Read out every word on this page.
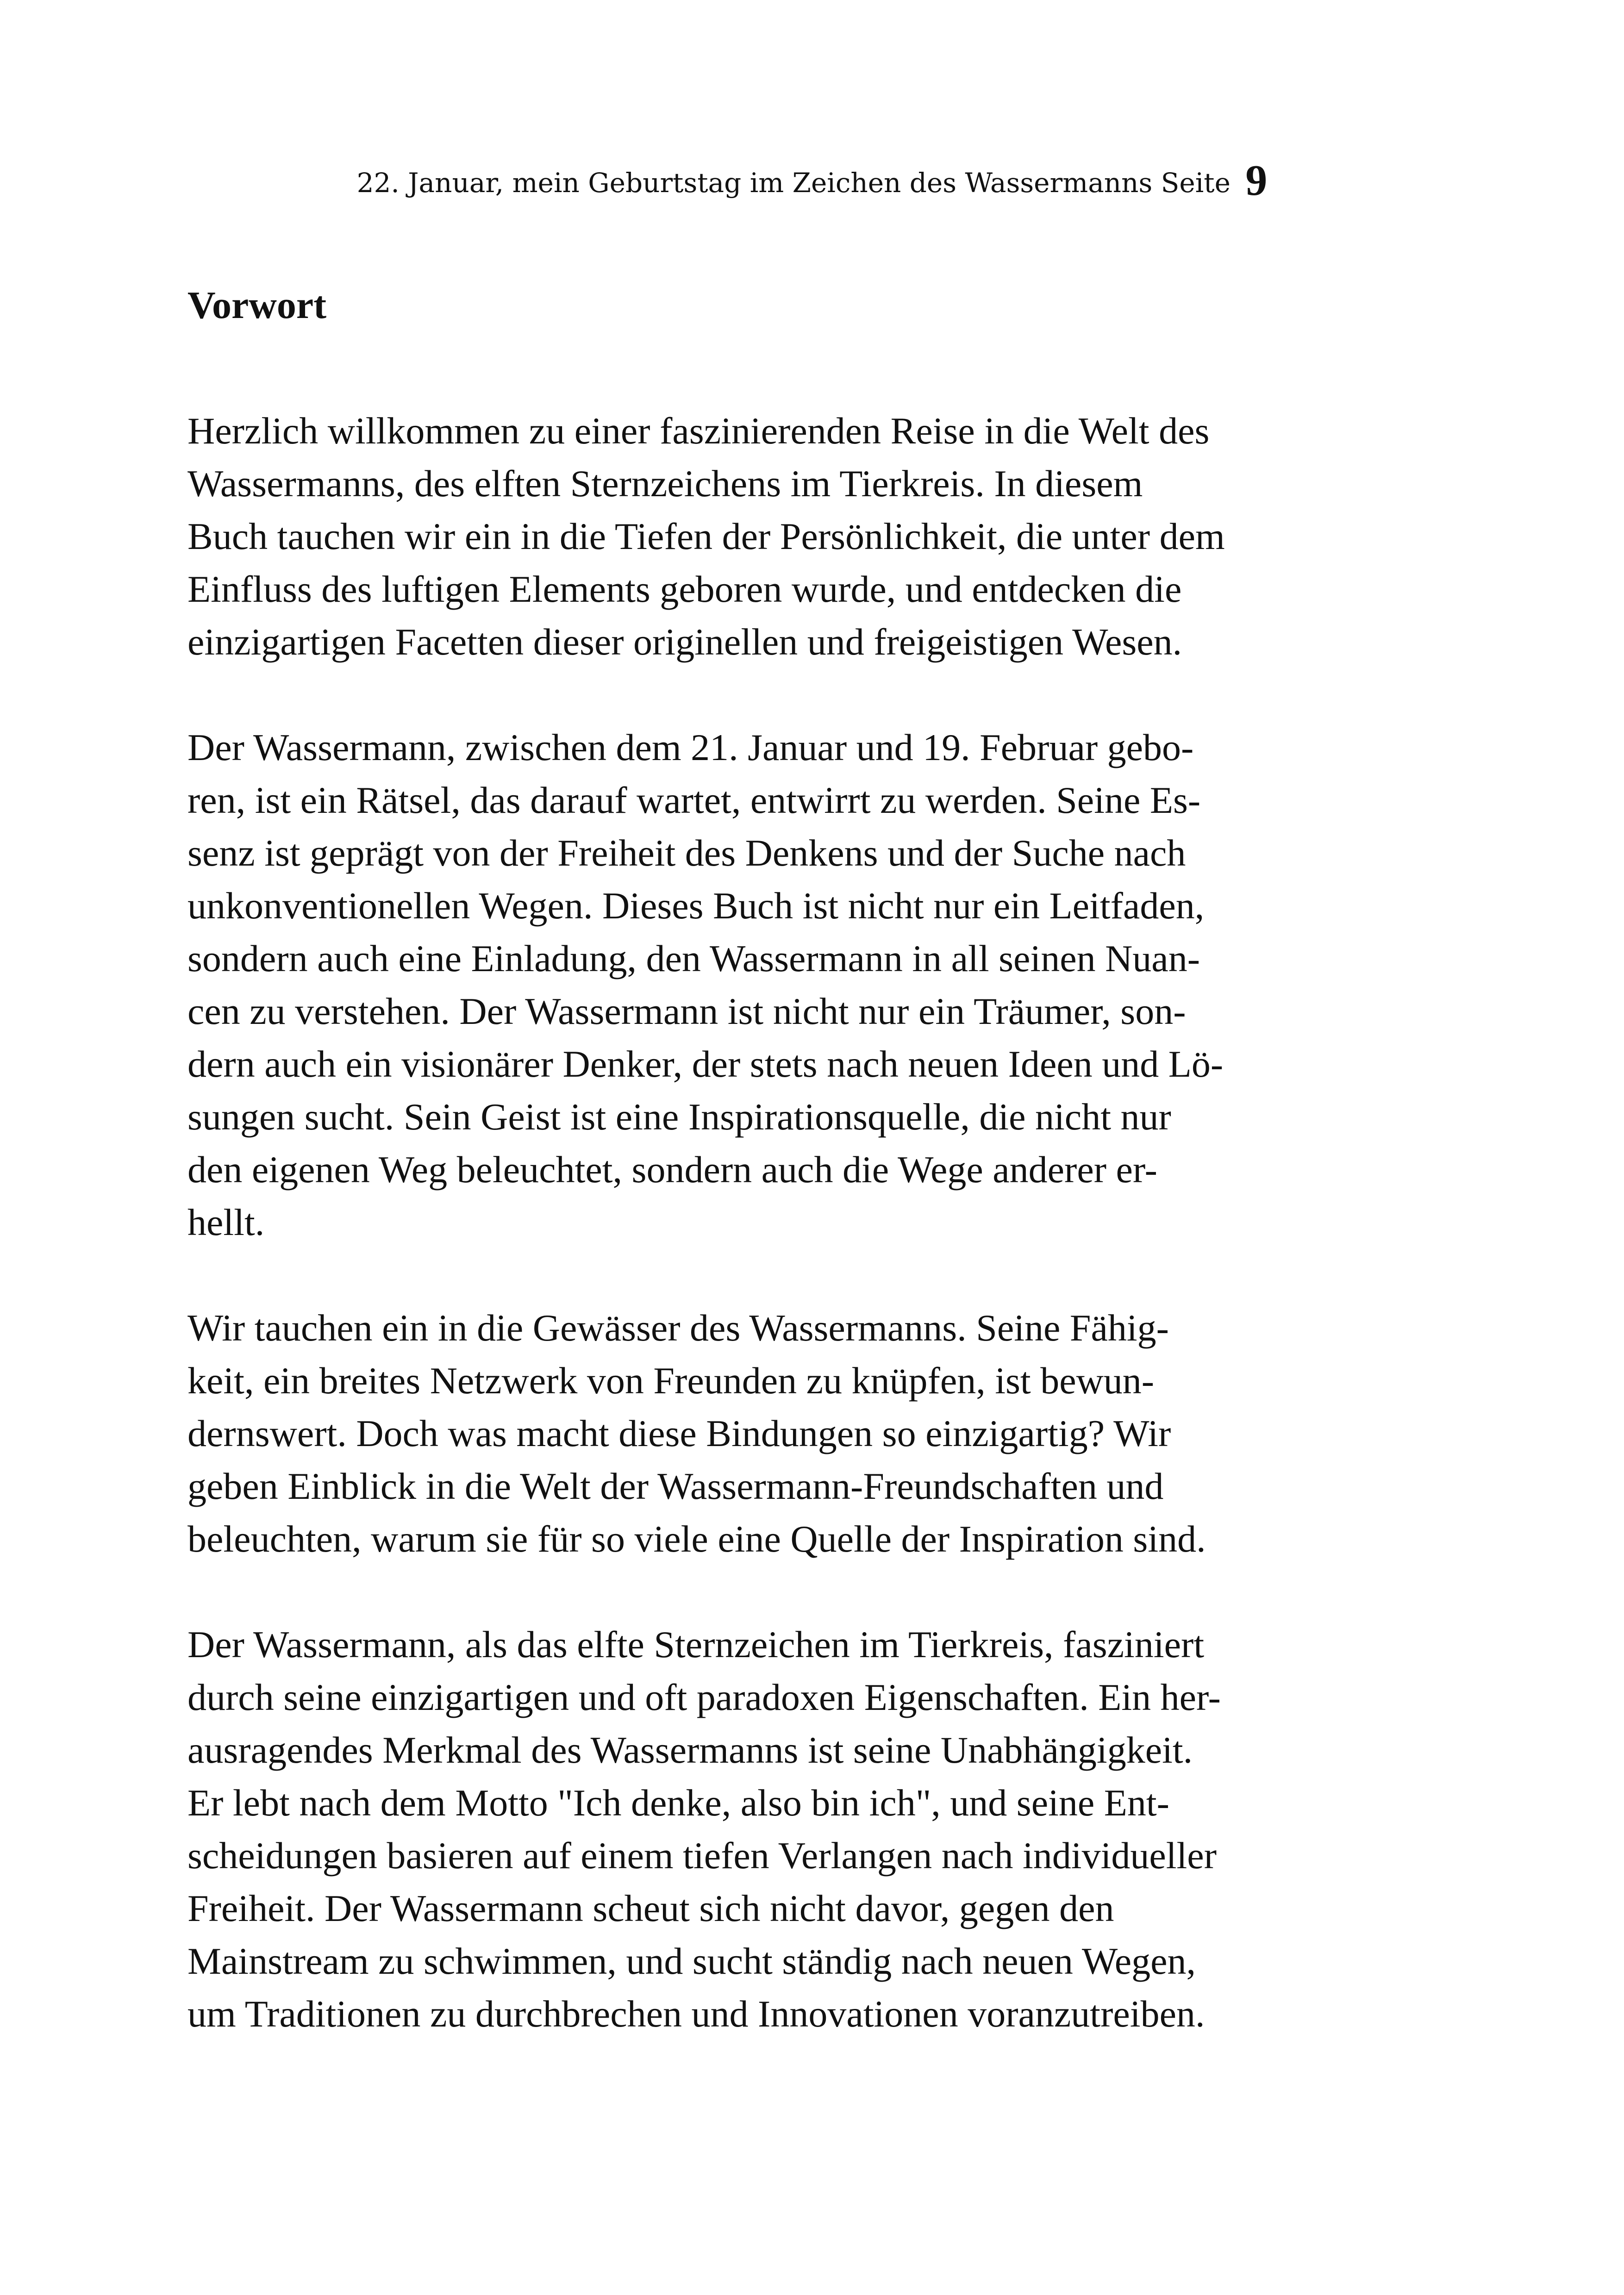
22. Januar, mein Geburtstag im Zeichen des Wassermanns Seite 9
Vorwort

Herzlich willkommen zu einer faszinierenden Reise in die Welt des
Wassermanns, des elften Sternzeichens im Tierkreis. In diesem
Buch tauchen wir ein in die Tiefen der Persönlichkeit, die unter dem
Einfluss des luftigen Elements geboren wurde, und entdecken die
einzigartigen Facetten dieser originellen und freigeistigen Wesen.

Der Wassermann, zwischen dem 21. Januar und 19. Februar gebo-
ren, ist ein Rätsel, das darauf wartet, entwirrt zu werden. Seine Es-
senz ist geprägt von der Freiheit des Denkens und der Suche nach
unkonventionellen Wegen. Dieses Buch ist nicht nur ein Leitfaden,
sondern auch eine Einladung, den Wassermann in all seinen Nuan-
cen zu verstehen. Der Wassermann ist nicht nur ein Träumer, son-
dern auch ein visionärer Denker, der stets nach neuen Ideen und Lö-
sungen sucht. Sein Geist ist eine Inspirationsquelle, die nicht nur
den eigenen Weg beleuchtet, sondern auch die Wege anderer er-
hellt.

Wir tauchen ein in die Gewässer des Wassermanns. Seine Fähig-
keit, ein breites Netzwerk von Freunden zu knüpfen, ist bewun-
dernswert. Doch was macht diese Bindungen so einzigartig? Wir
geben Einblick in die Welt der Wassermann-Freundschaften und
beleuchten, warum sie für so viele eine Quelle der Inspiration sind.

Der Wassermann, als das elfte Sternzeichen im Tierkreis, fasziniert
durch seine einzigartigen und oft paradoxen Eigenschaften. Ein her-
ausragendes Merkmal des Wassermanns ist seine Unabhängigkeit.
Er lebt nach dem Motto "Ich denke, also bin ich", und seine Ent-
scheidungen basieren auf einem tiefen Verlangen nach individueller
Freiheit. Der Wassermann scheut sich nicht davor, gegen den
Mainstream zu schwimmen, und sucht ständig nach neuen Wegen,
um Traditionen zu durchbrechen und Innovationen voranzutreiben.
